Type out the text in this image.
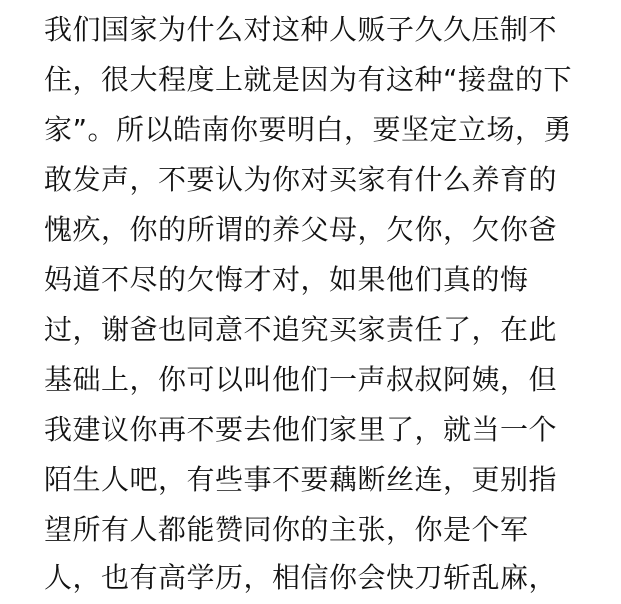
我们国家为什么对这种人贩子久久压制不
住，很大程度上就是因为有这种“接盘的下
家”。所以皓南你要明白，要坚定立场，勇
敢发声，不要认为你对买家有什么养育的
愧疚，你的所谓的养父母，欠你，欠你爸
妈道不尽的欠悔才对，如果他们真的悔
过，谢爸也同意不追究买家责任了，在此
基础上，你可以叫他们一声叔叔阿姨，但
我建议你再不要去他们家里了，就当一个
陌生人吧，有些事不要藕断丝连，更别指
望所有人都能赞同你的主张，你是个军
人，也有高学历，相信你会快刀斩乱麻，
